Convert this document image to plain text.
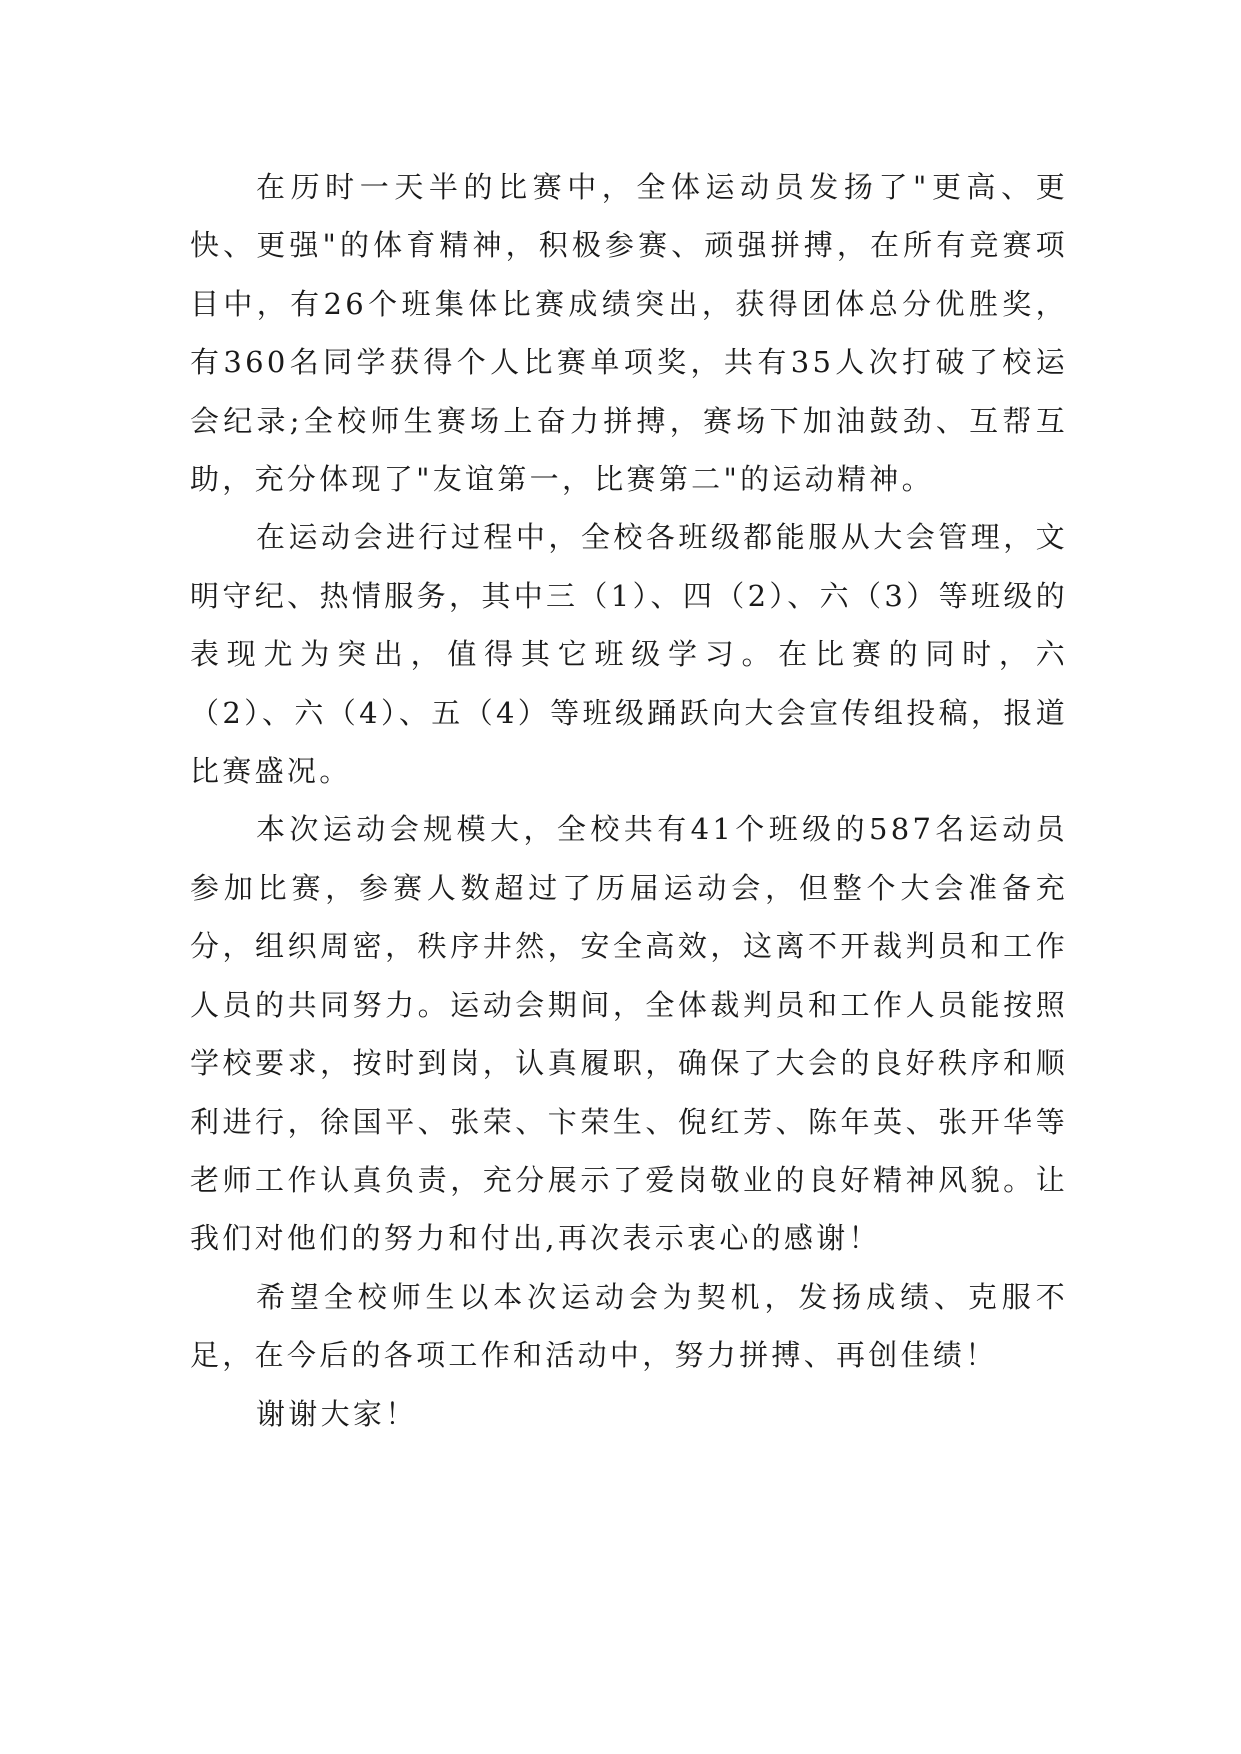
在历时一天半的比赛中，全体运动员发扬了"更高、更快、更强"的体育精神，积极参赛、顽强拼搏，在所有竞赛项目中，有26个班集体比赛成绩突出，获得团体总分优胜奖，有360名同学获得个人比赛单项奖，共有35人次打破了校运会纪录;全校师生赛场上奋力拼搏，赛场下加油鼓劲、互帮互助，充分体现了"友谊第一，比赛第二"的运动精神。

在运动会进行过程中，全校各班级都能服从大会管理，文明守纪、热情服务，其中三（1）、四（2）、六（3）等班级的表现尤为突出，值得其它班级学习。在比赛的同时，六（2）、六（4）、五（4）等班级踊跃向大会宣传组投稿，报道比赛盛况。

本次运动会规模大，全校共有41个班级的587名运动员参加比赛，参赛人数超过了历届运动会，但整个大会准备充分，组织周密，秩序井然，安全高效，这离不开裁判员和工作人员的共同努力。运动会期间，全体裁判员和工作人员能按照学校要求，按时到岗，认真履职，确保了大会的良好秩序和顺利进行，徐国平、张荣、卞荣生、倪红芳、陈年英、张开华等老师工作认真负责，充分展示了爱岗敬业的良好精神风貌。让我们对他们的努力和付出,再次表示衷心的感谢！

希望全校师生以本次运动会为契机，发扬成绩、克服不足，在今后的各项工作和活动中，努力拼搏、再创佳绩！

谢谢大家！
